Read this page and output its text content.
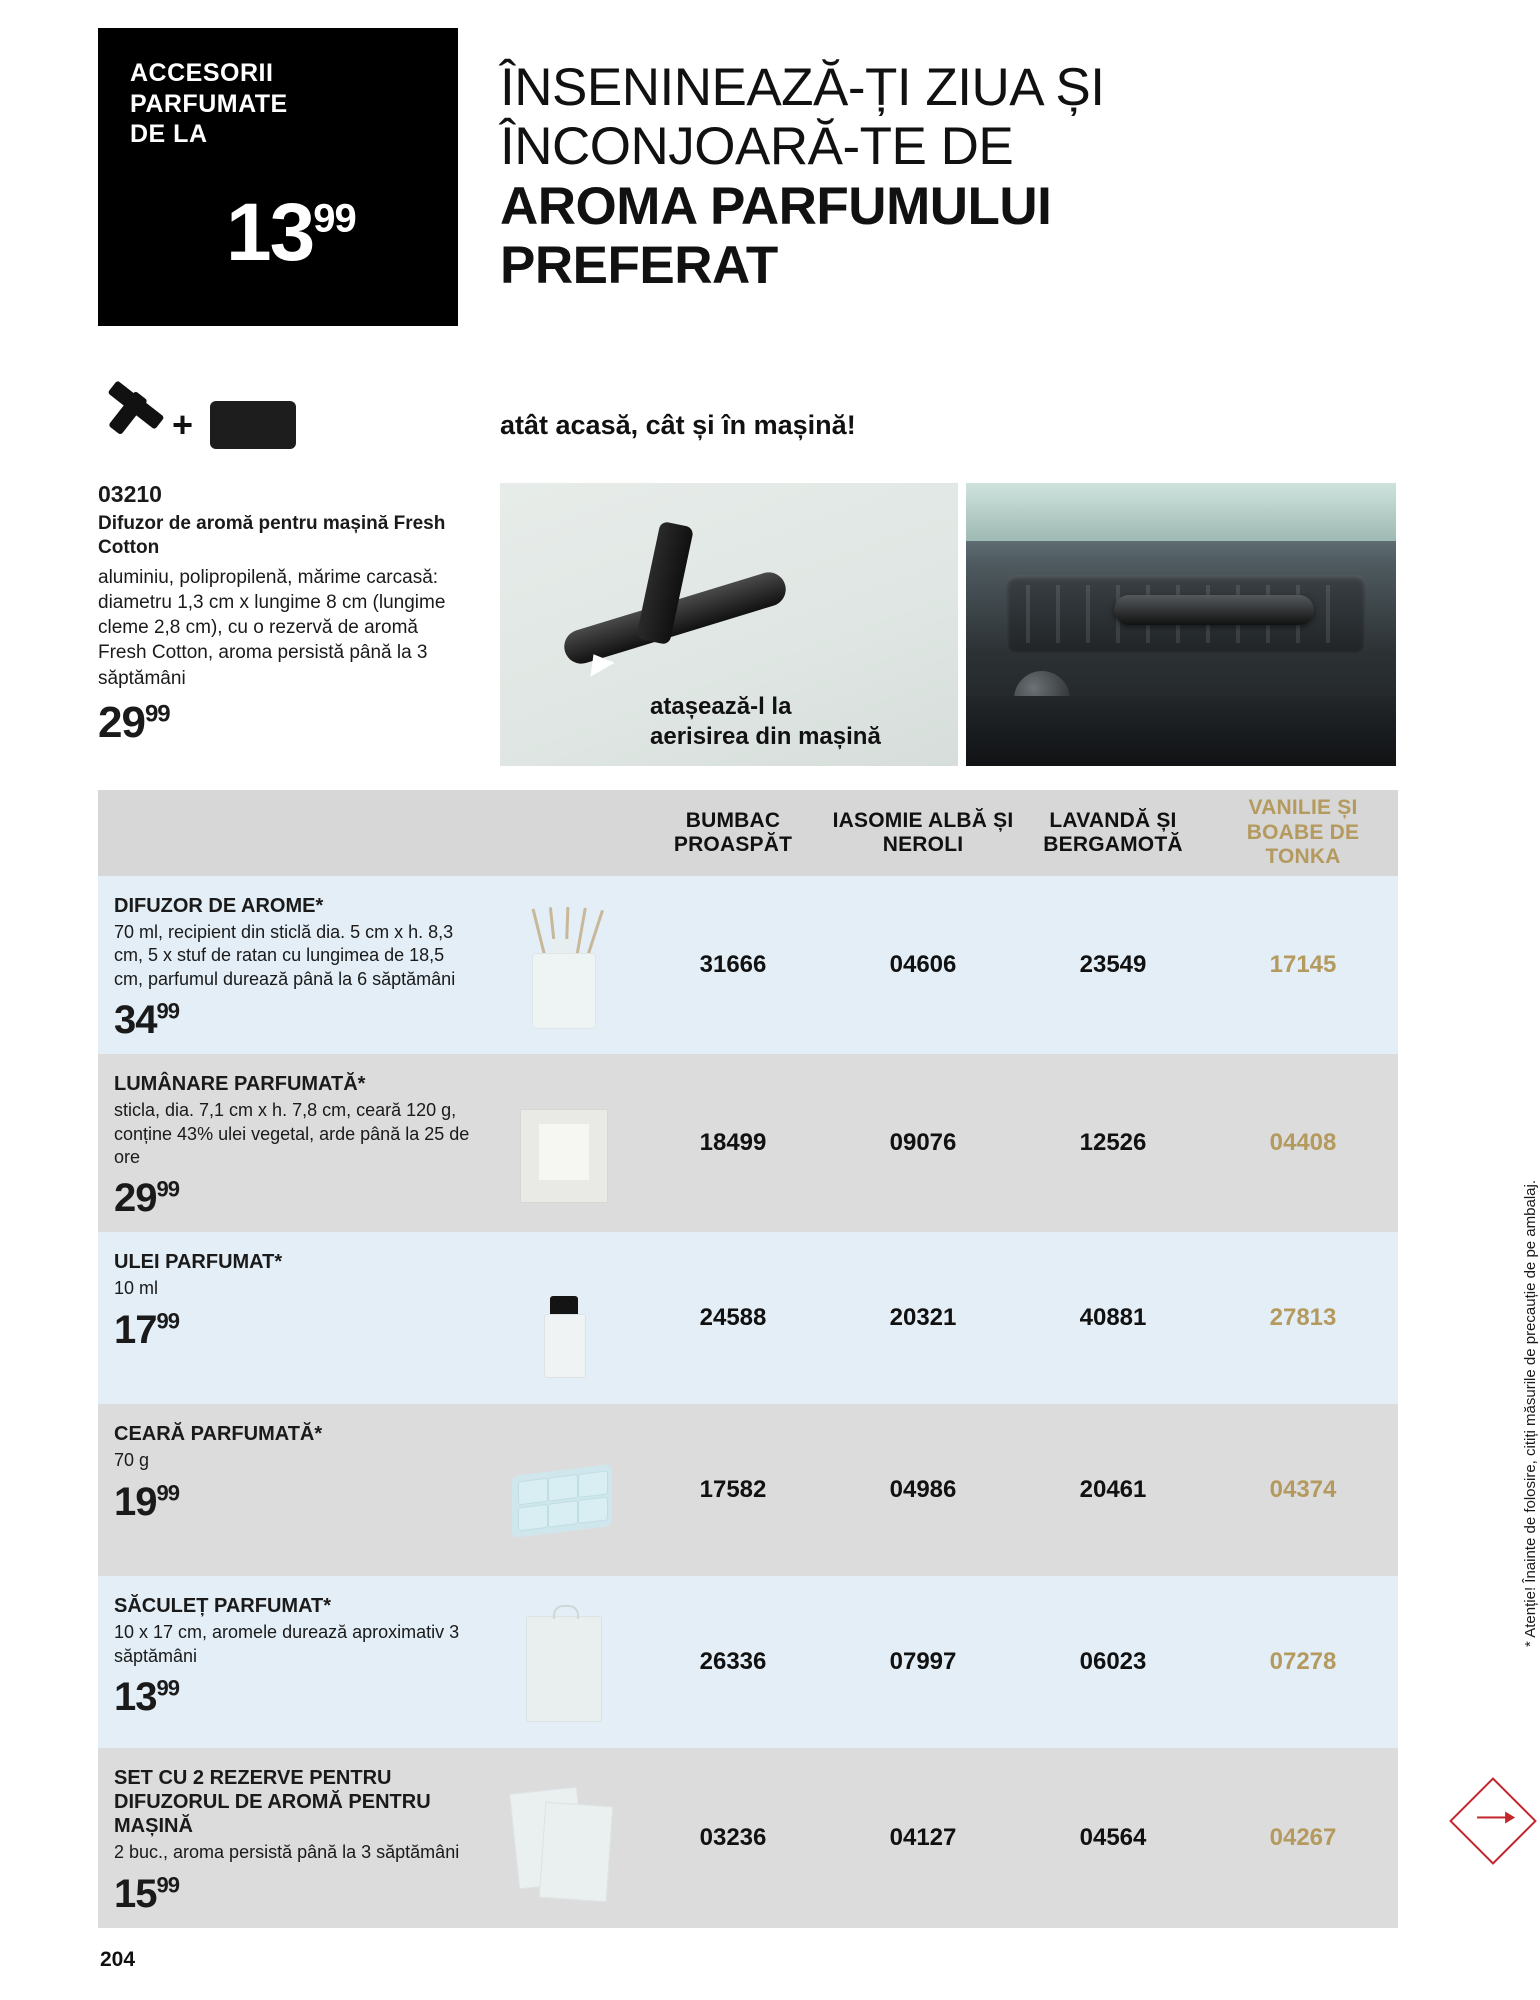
ACCESORII
PARFUMATE
DE LA
$13^{99}$
ÎNSENINEAZĂ-ȚI ZIUA ȘI
ÎNCONJOARĂ-TE DE
AROMA PARFUMULUI
PREFERAT
atât acasă, cât și în mașină!
+
03210
Difuzor de aromă pentru mașină Fresh Cotton
aluminiu, polipropilenă, mărime carcasă: diametru 1,3 cm x lungime 8 cm (lungime cleme 2,8 cm), cu o rezervă de aromă Fresh Cotton, aroma persistă până la 3 săptămâni
$29^{99}$	atașează-l la
aerisirea din mașină
BUMBAC PROASPĂT
IASOMIE ALBĂ ȘI NEROLI
LAVANDĂ ȘI BERGAMOTĂ
VANILIE ȘI BOABE DE TONKA
DIFUZOR DE AROME*
70 ml, recipient din sticlă dia. 5 cm x h. 8,3 cm, 5 x stuf de ratan cu lungimea de 18,5 cm, parfumul durează până la 6 săptămâni
$34^{99}$
31666	04606	23549	17145
LUMÂNARE PARFUMATĂ*
sticla, dia. 7,1 cm x h. 7,8 cm, ceară 120 g, conține 43% ulei vegetal, arde până la 25 de ore
$29^{99}$
18499	09076	12526	04408
ULEI PARFUMAT*
10 ml
$17^{99}$	24588	20321	40881	27813
CEARĂ PARFUMATĂ*
70 g
$19^{99}$	17582	04986	20461	04374
SĂCULEȚ PARFUMAT*
10 x 17 cm, aromele durează aproximativ 3 săptămâni
$13^{99}$
26336	07997	06023	07278
SET CU 2 REZERVE PENTRU DIFUZORUL DE AROMĂ PENTRU MAȘINĂ
2 buc., aroma persistă până la 3 săptămâni
$15^{99}$
03236	04127	04564	04267
* Atenție! Înainte de folosire, citiți măsurile de precauție de pe ambalaj.
204
